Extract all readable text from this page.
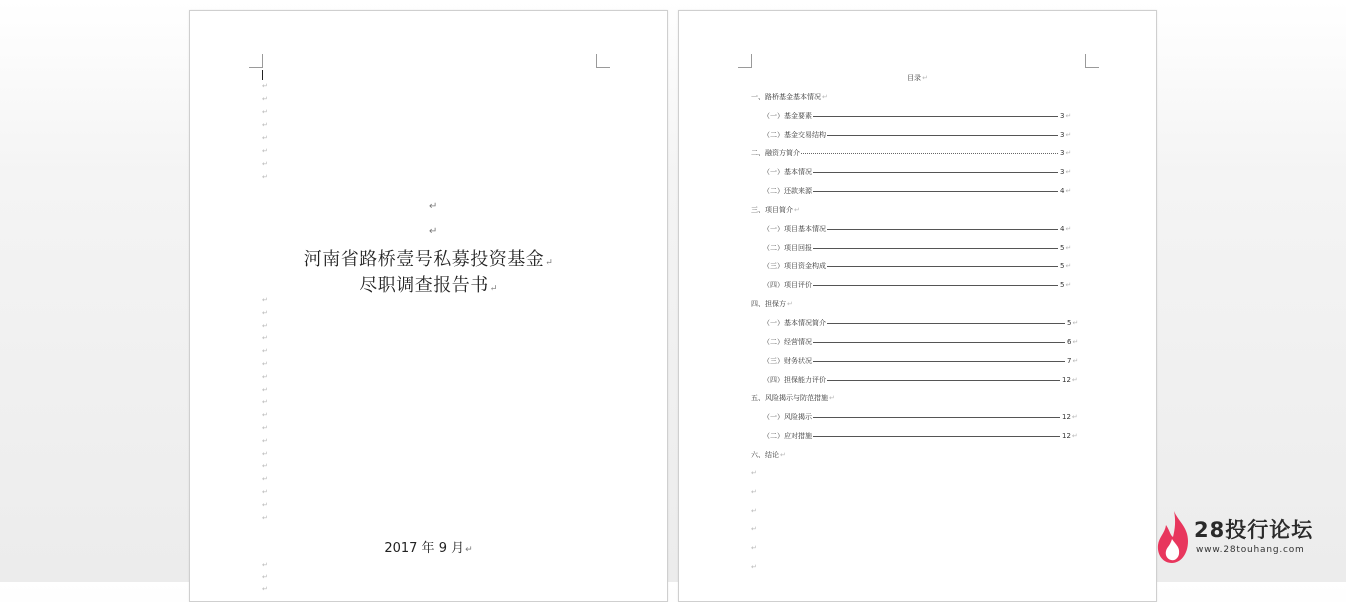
↵
↵
↵
↵
↵
↵
↵
↵
↵
↵
↵
↵
↵
↵
↵
↵
↵
↵
↵
↵
↵
↵
↵
↵
↵
↵
↵
↵
↵
↵
↵
河南省路桥壹号私募投资基金↵
尽职调查报告书↵
2017 年 9 月↵
目录↵
一、路桥基金基本情况 ↵
（一）基金要素	3 ↵
（二）基金交易结构	3 ↵
二、融资方简介	3 ↵
（一）基本情况	3 ↵
（二）还款来源	4 ↵
三、项目简介 ↵
（一）项目基本情况	4 ↵
（二）项目回报	5 ↵
（三）项目资金构成	5 ↵
（四）项目评价	5 ↵
四、担保方 ↵
（一）基本情况简介	5 ↵
（二）经营情况	6 ↵
（三）财务状况	7 ↵
（四）担保能力评价	12 ↵
五、风险揭示与防范措施 ↵
（一）风险揭示	12 ↵
（二）应对措施	12 ↵
六、结论 ↵
↵
↵
↵
↵
↵
↵
28投行论坛
www.28touhang.com
